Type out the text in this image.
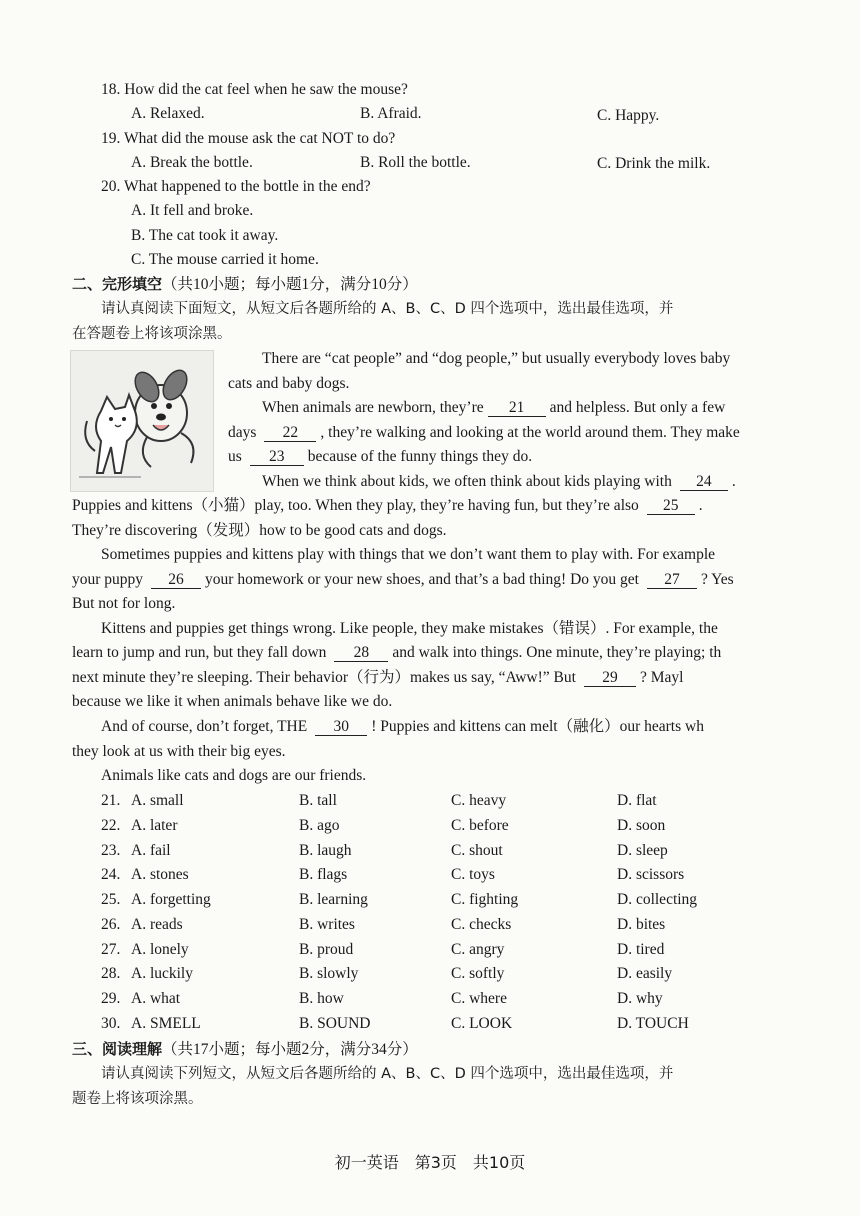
18. How did the cat feel when he saw the mouse?
A. Relaxed.	B. Afraid.	C. Happy.
19. What did the mouse ask the cat NOT to do?
A. Break the bottle.	B. Roll the bottle.	C. Drink the milk.
20. What happened to the bottle in the end?
A. It fell and broke.
B. The cat took it away.
C. The mouse carried it home.
二、完形填空（共10小题；每小题1分，满分10分）
请认真阅读下面短文，从短文后各题所给的 A、B、C、D 四个选项中，选出最佳选项，并
在答题卷上将该项涂黑。
There are “cat people” and “dog people,” but usually everybody loves baby
cats and baby dogs.
When animals are newborn, they’re 21 and helpless. But only a few
days 22 , they’re walking and looking at the world around them. They make
us 23 because of the funny things they do.
When we think about kids, we often think about kids playing with 24 .
Puppies and kittens（小猫）play, too. When they play, they’re having fun, but they’re also 25 .
They’re discovering（发现）how to be good cats and dogs.
Sometimes puppies and kittens play with things that we don’t want them to play with. For example
your puppy 26 your homework or your new shoes, and that’s a bad thing! Do you get 27 ? Yes
But not for long.
Kittens and puppies get things wrong. Like people, they make mistakes（错误）. For example, the
learn to jump and run, but they fall down 28 and walk into things. One minute, they’re playing; th
next minute they’re sleeping. Their behavior（行为）makes us say, “Aww!” But 29 ? Mayl
because we like it when animals behave like we do.
And of course, don’t forget, THE 30 ! Puppies and kittens can melt（融化）our hearts wh
they look at us with their big eyes.
Animals like cats and dogs are our friends.
21. A. small	B. tall	C. heavy	D. flat
22. A. later	B. ago	C. before	D. soon
23. A. fail	B. laugh	C. shout	D. sleep
24. A. stones	B. flags	C. toys	D. scissors
25. A. forgetting	B. learning	C. fighting	D. collecting
26. A. reads	B. writes	C. checks	D. bites
27. A. lonely	B. proud	C. angry	D. tired
28. A. luckily	B. slowly	C. softly	D. easily
29. A. what	B. how	C. where	D. why
30. A. SMELL	B. SOUND	C. LOOK	D. TOUCH
三、阅读理解（共17小题；每小题2分，满分34分）
请认真阅读下列短文，从短文后各题所给的 A、B、C、D 四个选项中，选出最佳选项，并
题卷上将该项涂黑。
初一英语　第3页　共10页
